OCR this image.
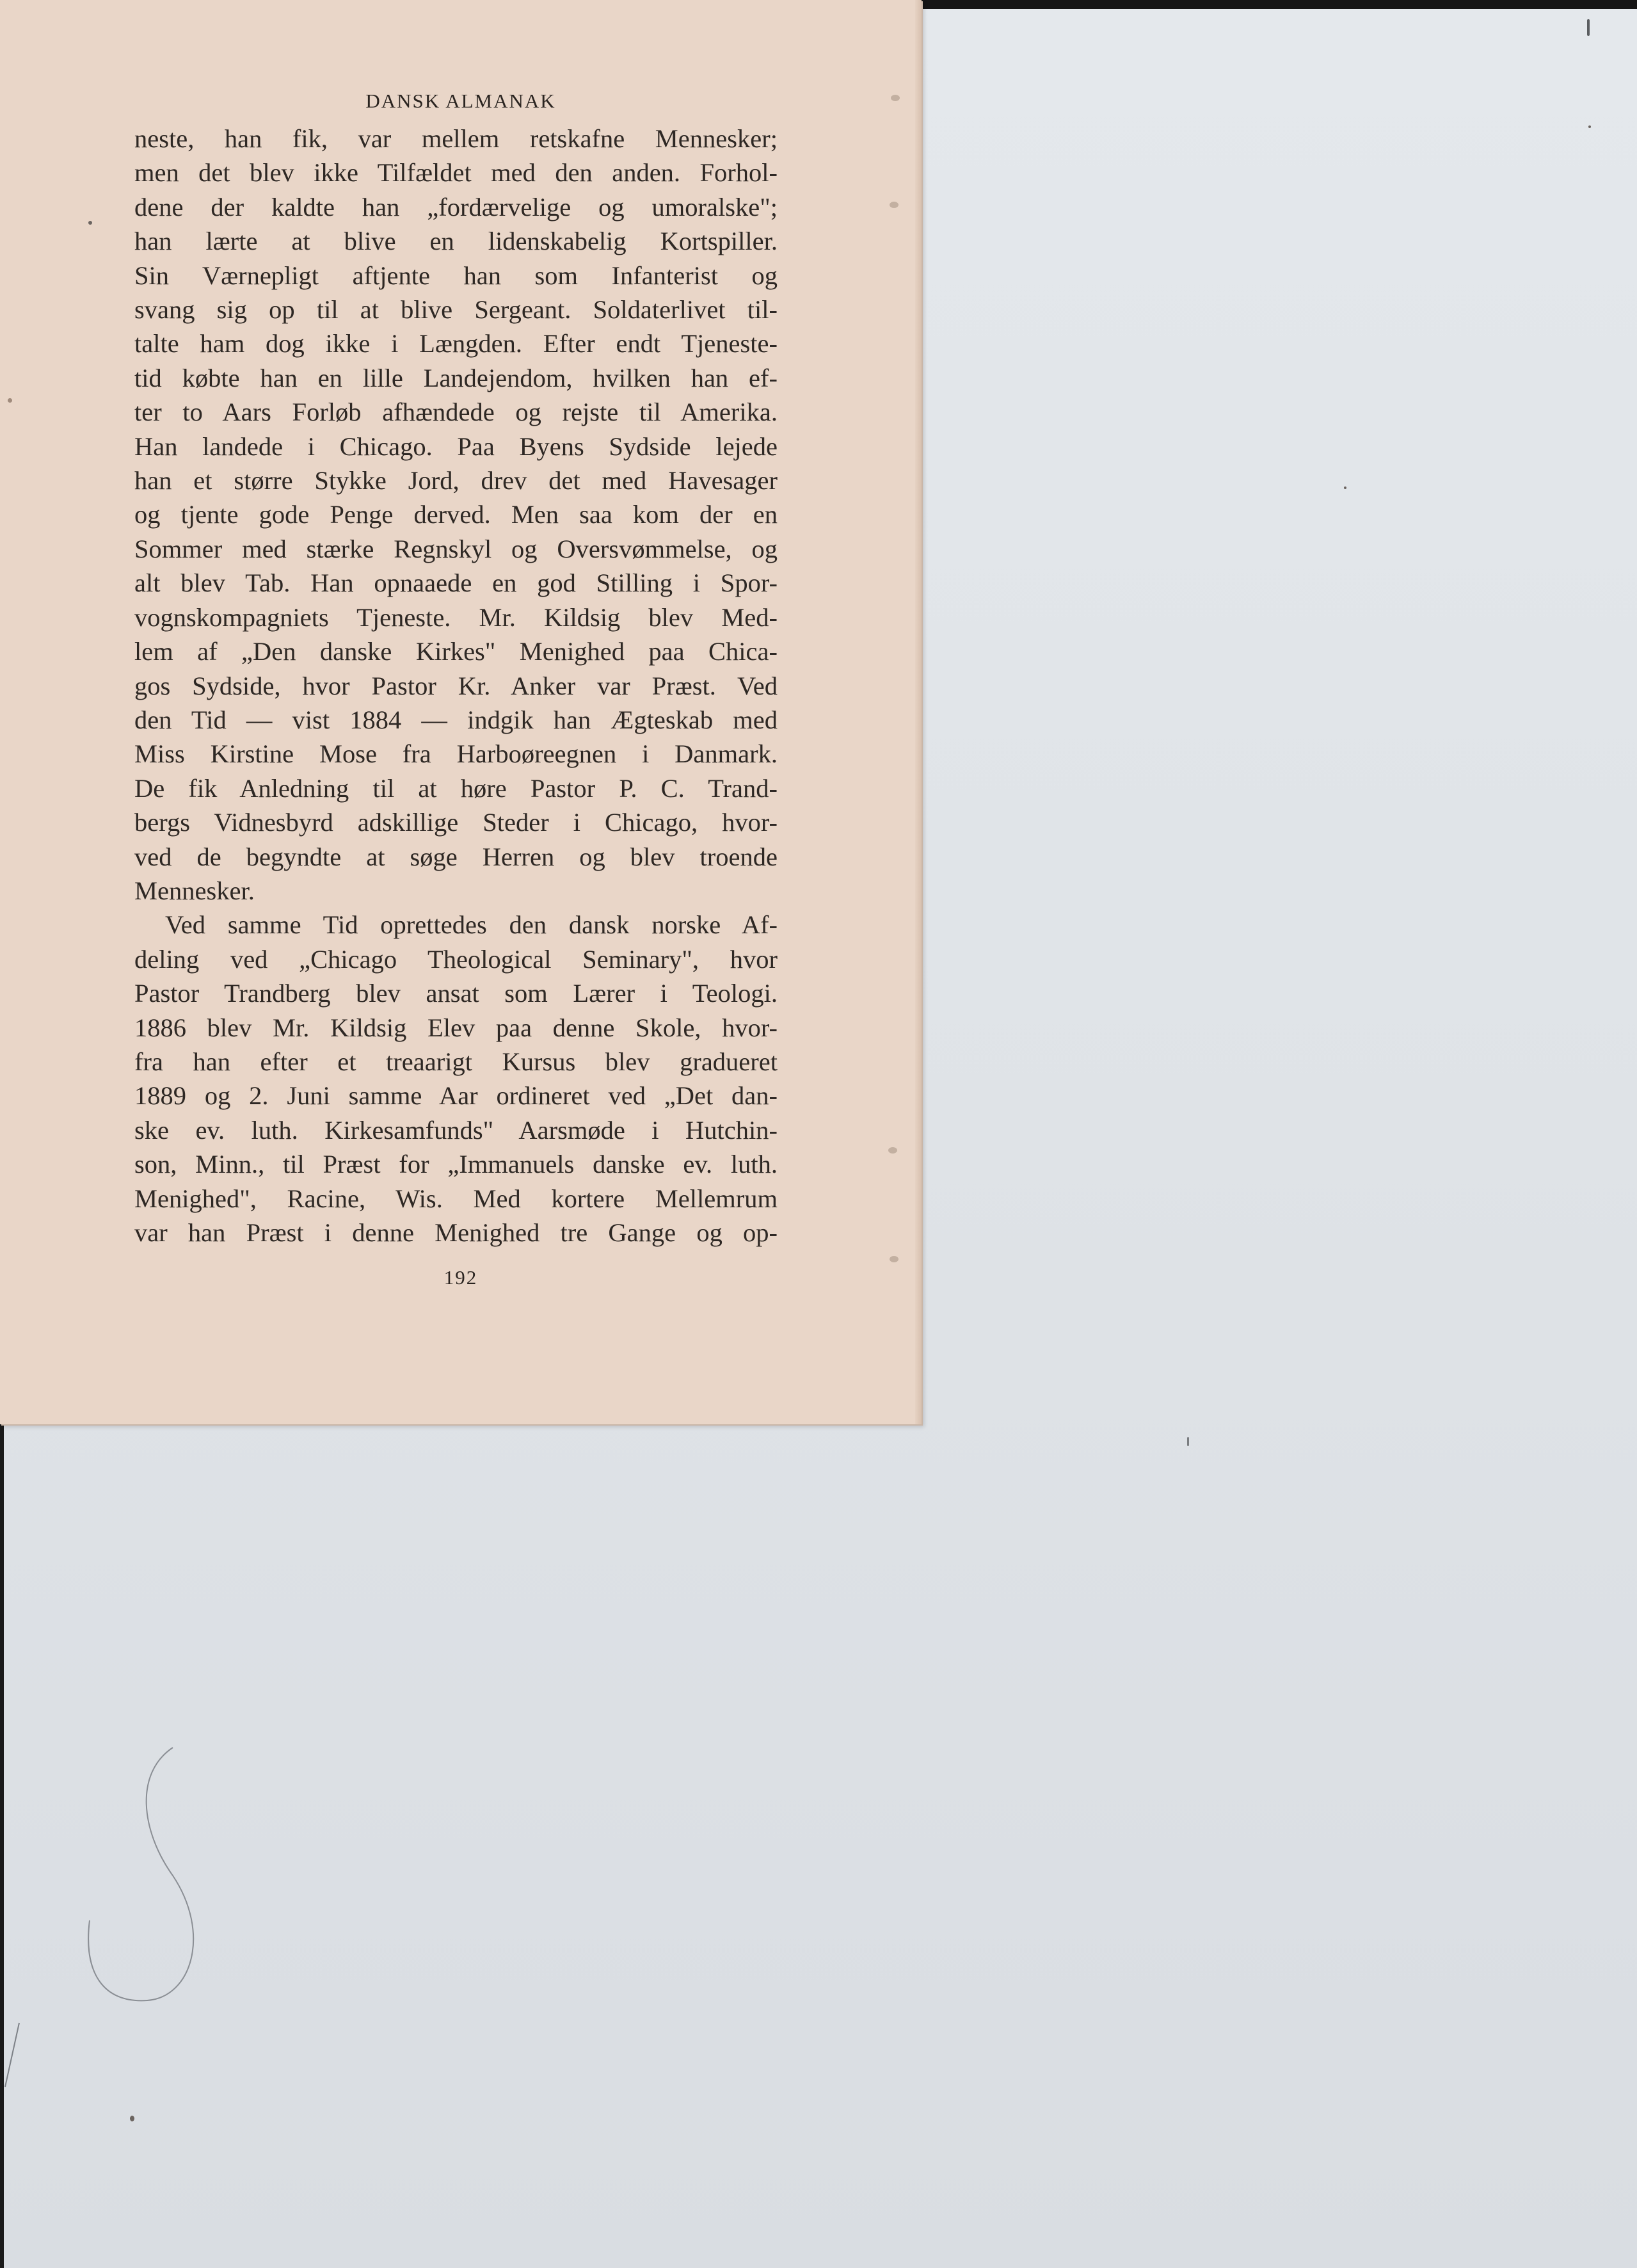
DANSK ALMANAK
neste, han fik, var mellem retskafne Mennesker;
men det blev ikke Tilfældet med den anden. Forhol-
dene der kaldte han „fordærvelige og umoralske";
han lærte at blive en lidenskabelig Kortspiller.
Sin Værnepligt aftjente han som Infanterist og
svang sig op til at blive Sergeant. Soldaterlivet til-
talte ham dog ikke i Længden. Efter endt Tjeneste-
tid købte han en lille Landejendom, hvilken han ef-
ter to Aars Forløb afhændede og rejste til Amerika.
Han landede i Chicago. Paa Byens Sydside lejede
han et større Stykke Jord, drev det med Havesager
og tjente gode Penge derved. Men saa kom der en
Sommer med stærke Regnskyl og Oversvømmelse, og
alt blev Tab. Han opnaaede en god Stilling i Spor-
vognskompagniets Tjeneste. Mr. Kildsig blev Med-
lem af „Den danske Kirkes" Menighed paa Chica-
gos Sydside, hvor Pastor Kr. Anker var Præst. Ved
den Tid — vist 1884 — indgik han Ægteskab med
Miss Kirstine Mose fra Harboøreegnen i Danmark.
De fik Anledning til at høre Pastor P. C. Trand-
bergs Vidnesbyrd adskillige Steder i Chicago, hvor-
ved de begyndte at søge Herren og blev troende
Mennesker.
Ved samme Tid oprettedes den dansk norske Af-
deling ved „Chicago Theological Seminary", hvor
Pastor Trandberg blev ansat som Lærer i Teologi.
1886 blev Mr. Kildsig Elev paa denne Skole, hvor-
fra han efter et treaarigt Kursus blev gradueret
1889 og 2. Juni samme Aar ordineret ved „Det dan-
ske ev. luth. Kirkesamfunds" Aarsmøde i Hutchin-
son, Minn., til Præst for „Immanuels danske ev. luth.
Menighed", Racine, Wis. Med kortere Mellemrum
var han Præst i denne Menighed tre Gange og op-
192
